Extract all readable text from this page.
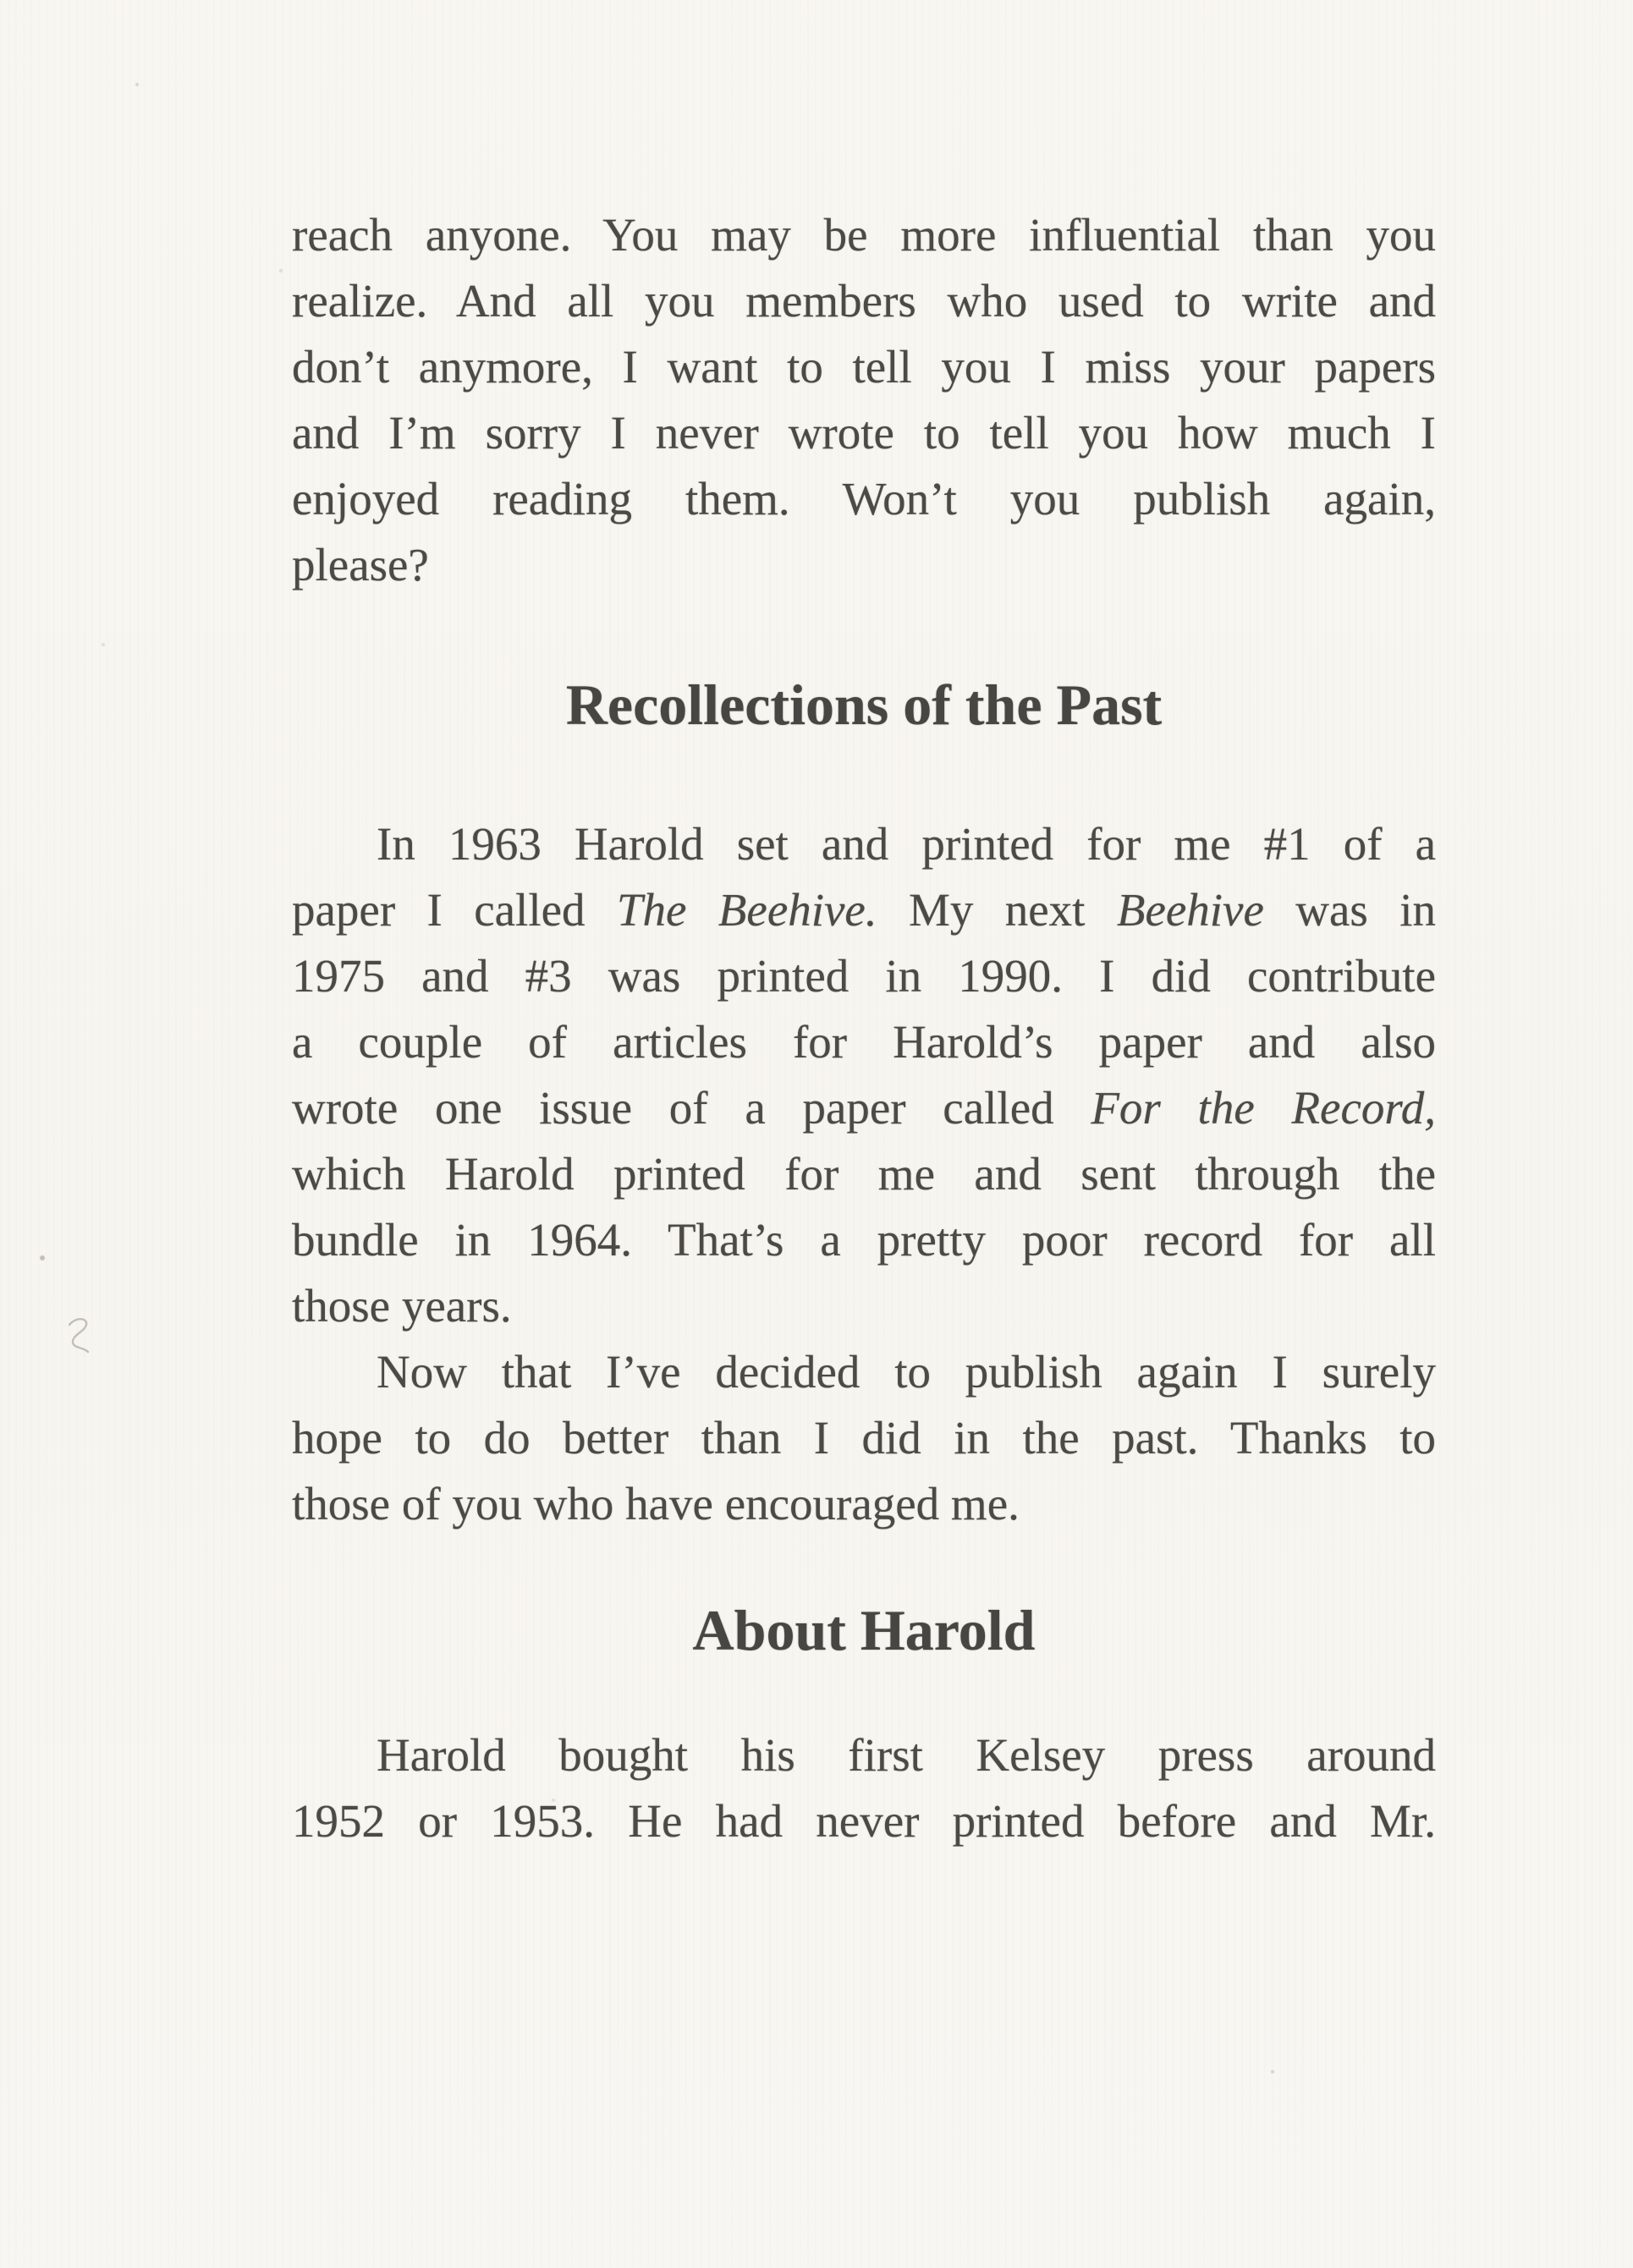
reach anyone. You may be more influential than you
realize. And all you members who used to write and
don’t anymore, I want to tell you I miss your papers
and I’m sorry I never wrote to tell you how much I
enjoyed reading them. Won’t you publish again,
please?
Recollections of the Past
In 1963 Harold set and printed for me #1 of a
paper I called The Beehive. My next Beehive was in
1975 and #3 was printed in 1990. I did contribute
a couple of articles for Harold’s paper and also
wrote one issue of a paper called For the Record,
which Harold printed for me and sent through the
bundle in 1964. That’s a pretty poor record for all
those years.
Now that I’ve decided to publish again I surely
hope to do better than I did in the past. Thanks to
those of you who have encouraged me.
About Harold
Harold bought his first Kelsey press around
1952 or 1953. He had never printed before and Mr.
